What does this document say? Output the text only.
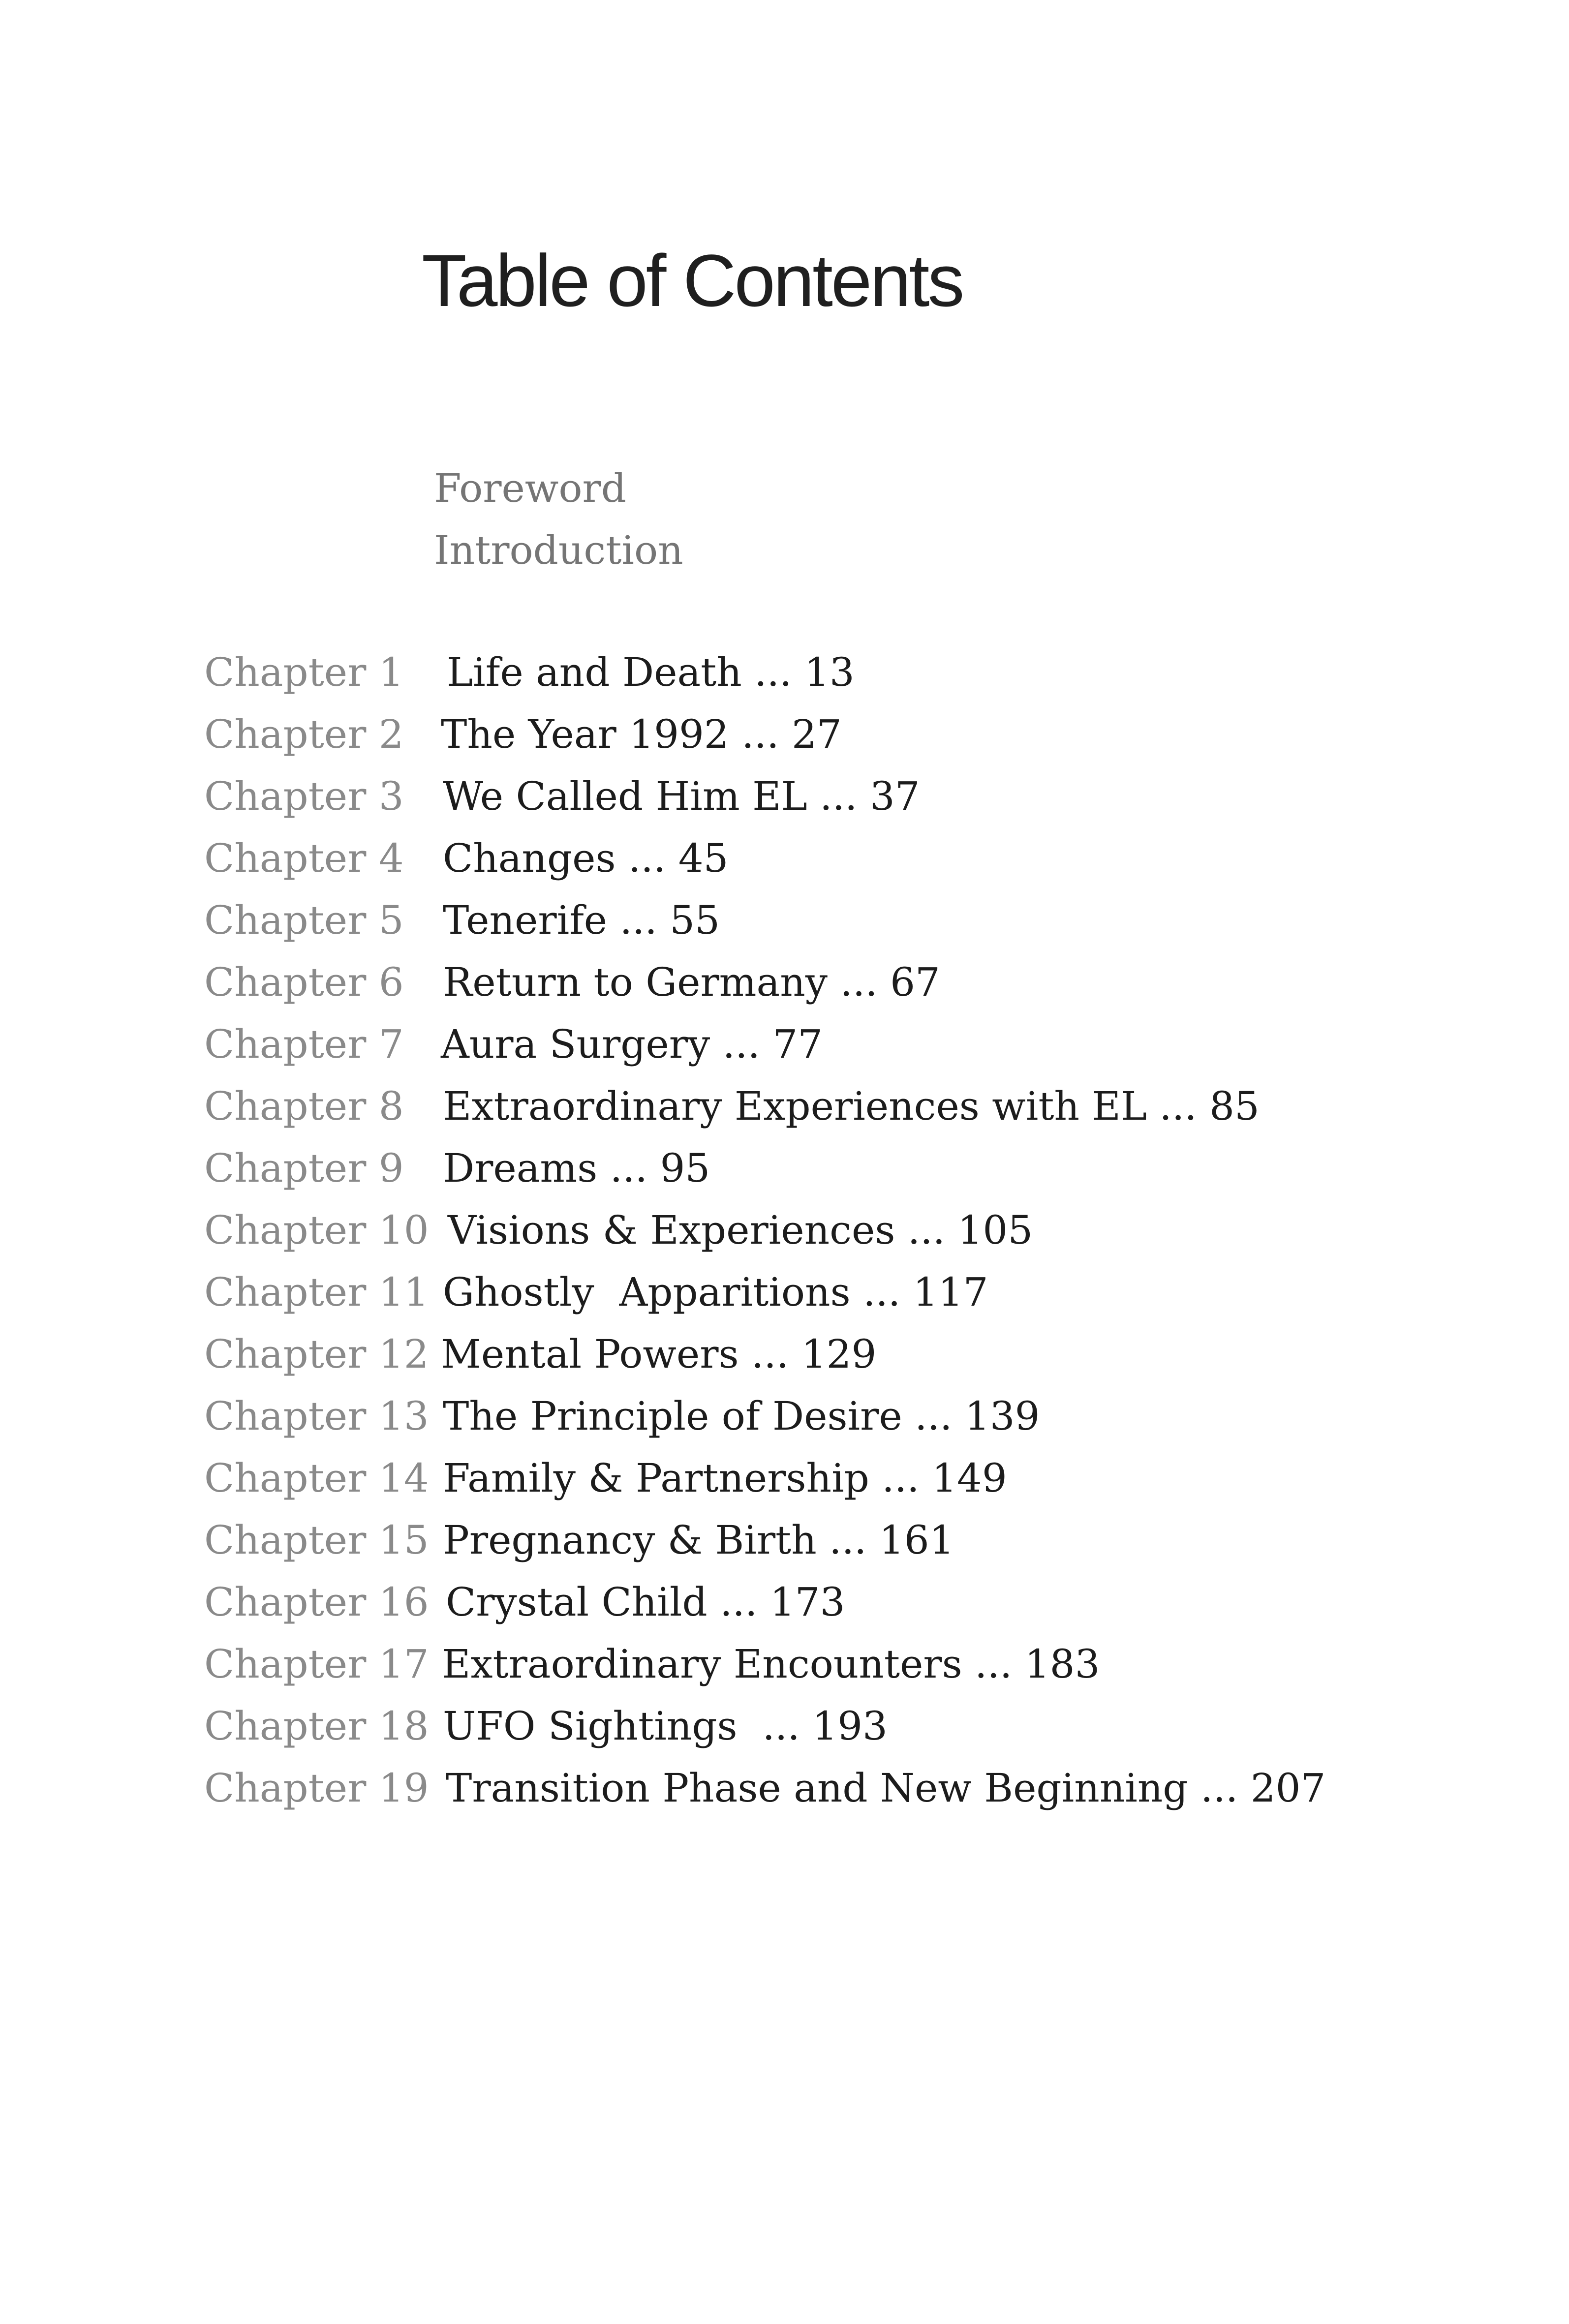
Table of Contents
Foreword
Introduction
Chapter 1	Life and Death ... 13
Chapter 2 The Year 1992 ... 27
Chapter 3 We Called Him EL ... 37
Chapter 4 Changes ... 45
Chapter 5 Tenerife ... 55
Chapter 6 Return to Germany ... 67
Chapter 7 Aura Surgery ... 77
Chapter 8 Extraordinary Experiences with EL ... 85
Chapter 9 Dreams ... 95
Chapter 10 Visions & Experiences ... 105
Chapter 11 Ghostly  Apparitions ... 117
Chapter 12 Mental Powers ... 129
Chapter 13 The Principle of Desire ... 139
Chapter 14 Family & Partnership ... 149
Chapter 15 Pregnancy & Birth ... 161
Chapter 16 Crystal Child ... 173
Chapter 17 Extraordinary Encounters ... 183
Chapter 18 UFO Sightings  ... 193
Chapter 19 Transition Phase and New Beginning ... 207
